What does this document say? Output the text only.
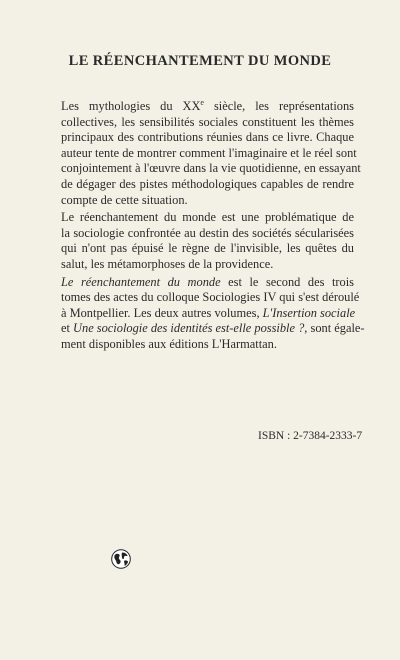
LE RÉENCHANTEMENT DU MONDE
Les mythologies du XXe siècle, les représentations
collectives, les sensibilités sociales constituent les thèmes
principaux des contributions réunies dans ce livre. Chaque
auteur tente de montrer comment l'imaginaire et le réel sont
conjointement à l'œuvre dans la vie quotidienne, en essayant
de dégager des pistes méthodologiques capables de rendre
compte de cette situation.
Le réenchantement du monde est une problématique de
la sociologie confrontée au destin des sociétés sécularisées
qui n'ont pas épuisé le règne de l'invisible, les quêtes du
salut, les métamorphoses de la providence.
Le réenchantement du monde est le second des trois
tomes des actes du colloque Sociologies IV qui s'est déroulé
à Montpellier. Les deux autres volumes, L'Insertion sociale
et Une sociologie des identités est-elle possible ?, sont égale-
ment disponibles aux éditions L'Harmattan.
ISBN : 2-7384-2333-7
